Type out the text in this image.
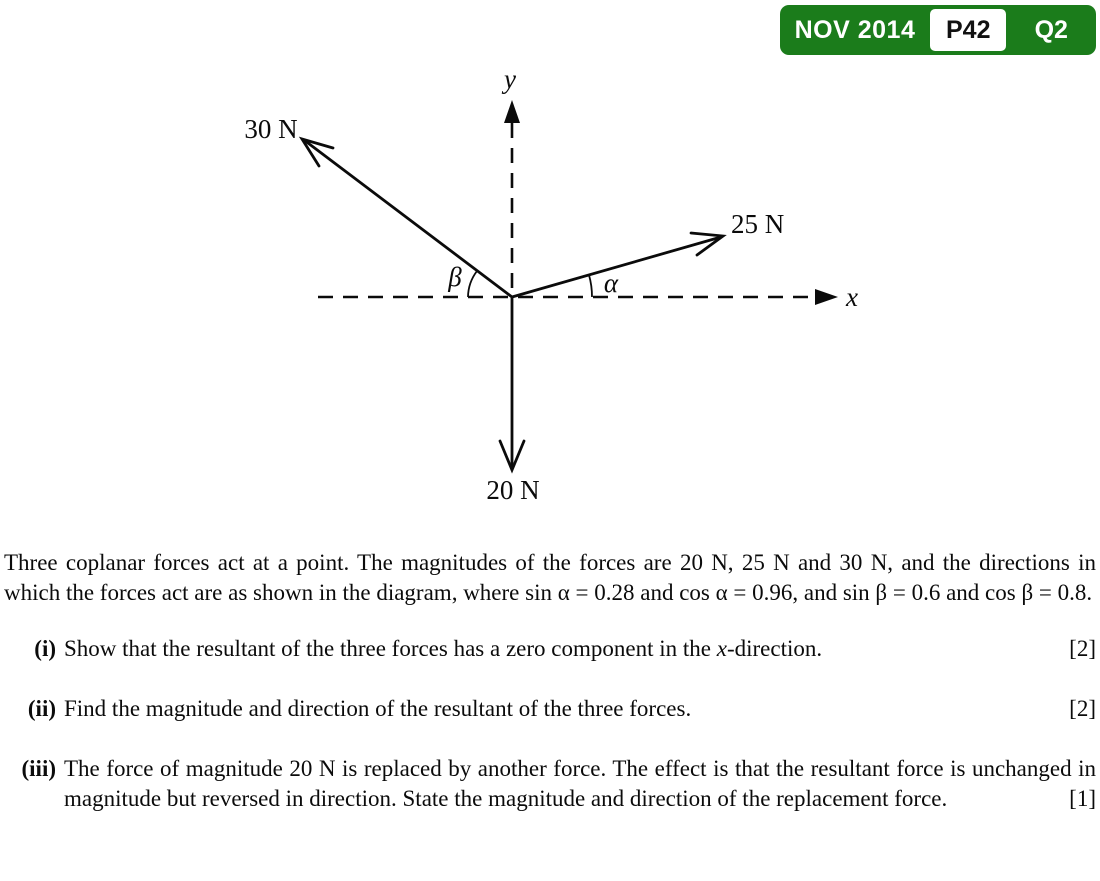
y
x
30 N
25 N
20 N
β	α
NOV 2014	P42	Q2

Three coplanar forces act at a point. The magnitudes of the forces are 20 N, 25 N and 30 N, and the directions in which the forces act are as shown in the diagram, where sin α = 0.28 and cos α = 0.96, and sin β = 0.6 and cos β = 0.8.

(i) Show that the resultant of the three forces has a zero component in the x-direction.	[2]
(ii) Find the magnitude and direction of the resultant of the three forces.	[2]
(iii) The force of magnitude 20 N is replaced by another force. The effect is that the resultant force is unchanged in magnitude but reversed in direction. State the magnitude and direction of the replacement force.	[1]
